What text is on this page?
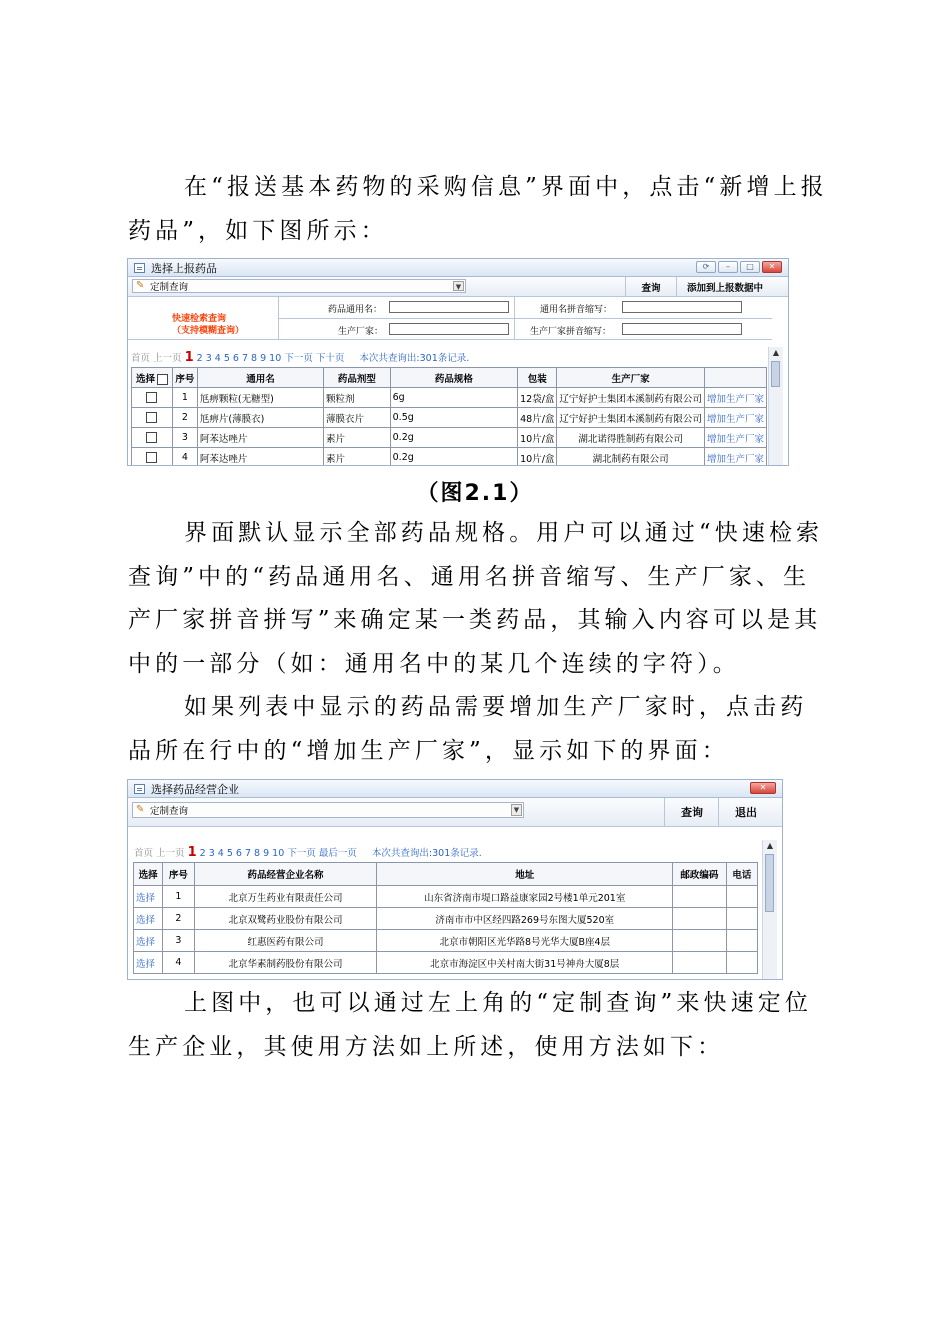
在“报送基本药物的采购信息”界面中，点击“新增上报药品”，如下图所示：

选择上报药品	⟳	–	□	✕
✎ 定制查询	▼	查询	添加到上报数据中
快速检索查询
（支持模糊查询）
药品通用名：	通用名拼音缩写：
生产厂家：	生产厂家拼音缩写：
首页 上一页 1 2 3 4 5 6 7 8 9 10 下一页 下十页 本次共查询出:301条记录.
▲
选择	序号	通用名	药品剂型	药品规格	包装	生产厂家	
	1	尪痹颗粒(无糖型)	颗粒剂	6g	12袋/盒	辽宁好护士集团本溪制药有限公司	增加生产厂家
	2	尪痹片(薄膜衣)	薄膜衣片	0.5g	48片/盒	辽宁好护士集团本溪制药有限公司	增加生产厂家
	3	阿苯达唑片	素片	0.2g	10片/盒	湖北诺得胜制药有限公司	增加生产厂家
	4	阿苯达唑片	素片	0.2g	10片/盒	湖北制药有限公司	增加生产厂家
（图2.1）

界面默认显示全部药品规格。用户可以通过“快速检索查询”中的“药品通用名、通用名拼音缩写、生产厂家、生产厂家拼音拼写”来确定某一类药品，其输入内容可以是其中的一部分（如：通用名中的某几个连续的字符）。

如果列表中显示的药品需要增加生产厂家时，点击药品所在行中的“增加生产厂家”，显示如下的界面：

选择药品经营企业	✕
✎ 定制查询	▼	查询	退出
首页 上一页 1 2 3 4 5 6 7 8 9 10 下一页 最后一页 本次共查询出:301条记录.
▲
选择	序号	药品经营企业名称	地址	邮政编码	电话
选择	1	北京万生药业有限责任公司	山东省济南市堤口路益康家园2号楼1单元201室		
选择	2	北京双鹭药业股份有限公司	济南市市中区经四路269号东图大厦520室		
选择	3	红惠医药有限公司	北京市朝阳区光华路8号光华大厦B座4层		
选择	4	北京华素制药股份有限公司	北京市海淀区中关村南大街31号神舟大厦8层		

上图中，也可以通过左上角的“定制查询”来快速定位生产企业，其使用方法如上所述，使用方法如下：
